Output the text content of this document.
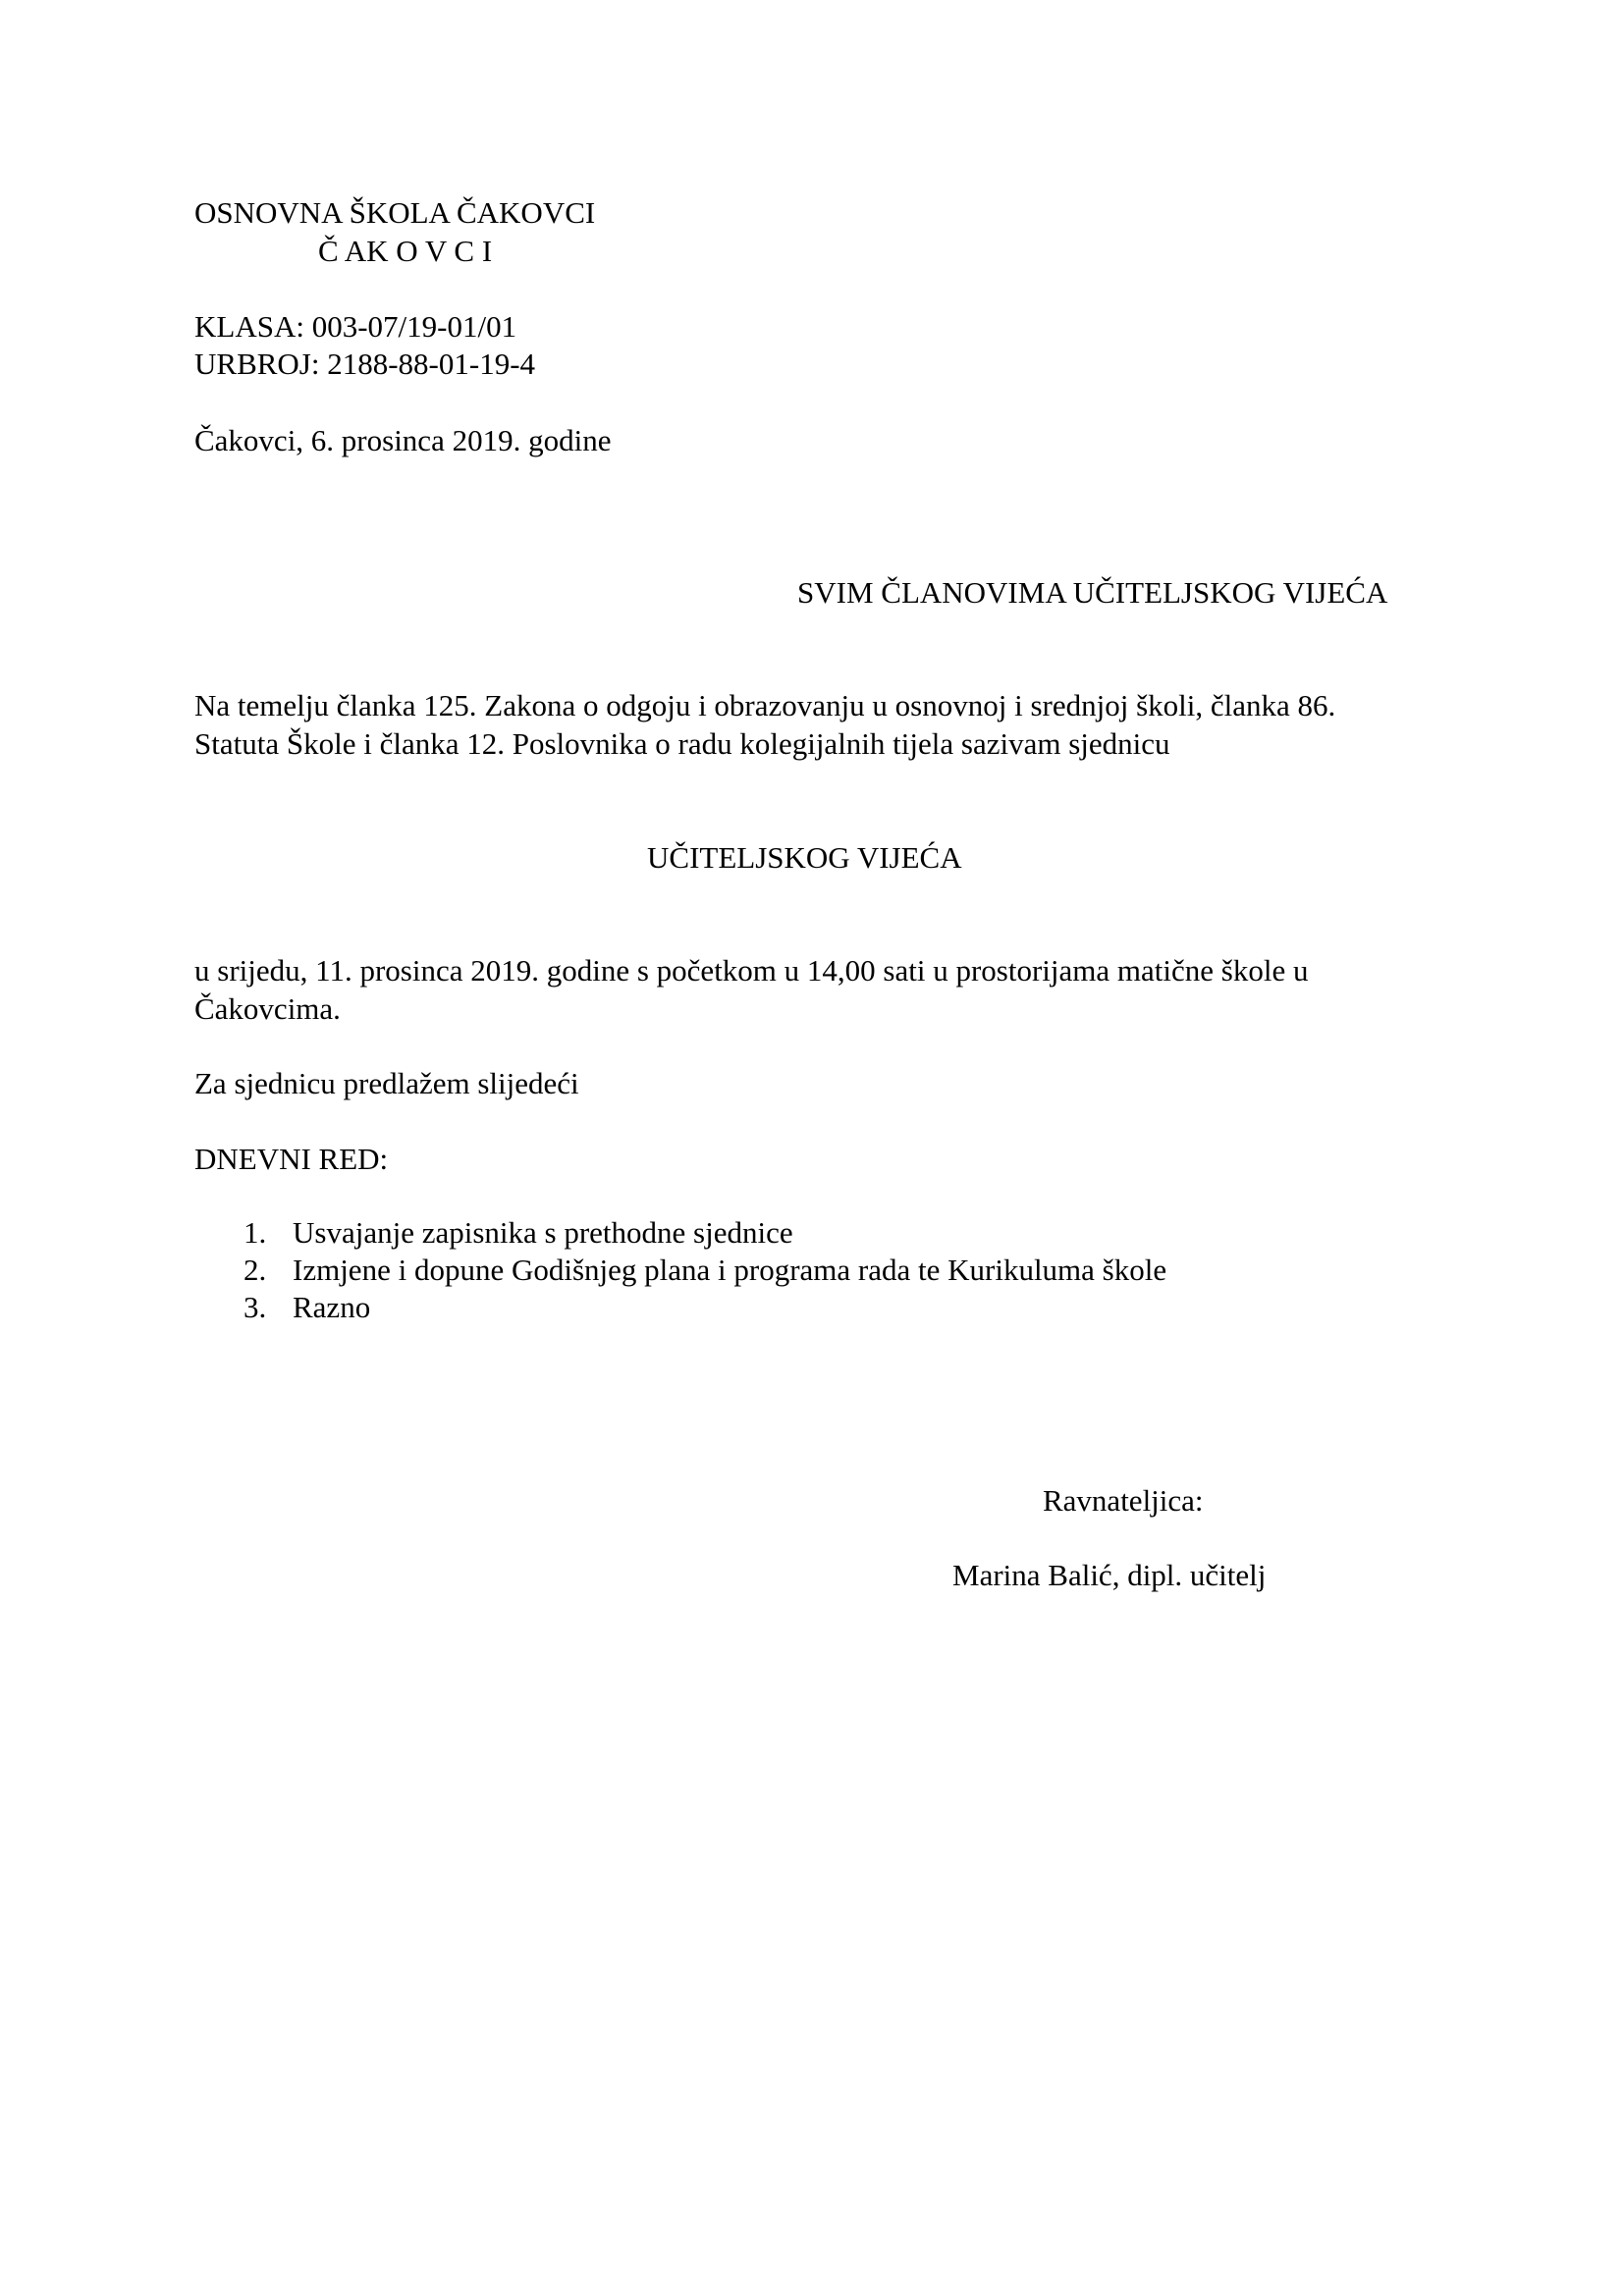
OSNOVNA ŠKOLA ČAKOVCI
Č AK O V C I
KLASA: 003-07/19-01/01
URBROJ: 2188-88-01-19-4
Čakovci, 6. prosinca 2019. godine
SVIM ČLANOVIMA UČITELJSKOG VIJEĆA
Na temelju članka 125. Zakona o odgoju i obrazovanju u osnovnoj i srednjoj školi, članka 86.
Statuta Škole i članka 12. Poslovnika o radu kolegijalnih tijela sazivam sjednicu
UČITELJSKOG VIJEĆA
u srijedu, 11. prosinca 2019. godine s početkom u 14,00 sati u prostorijama matične škole u
Čakovcima.
Za sjednicu predlažem slijedeći
DNEVNI RED:
1. Usvajanje zapisnika s prethodne sjednice
2. Izmjene i dopune Godišnjeg plana i programa rada te Kurikuluma škole
3. Razno
Ravnateljica:
Marina Balić, dipl. učitelj
